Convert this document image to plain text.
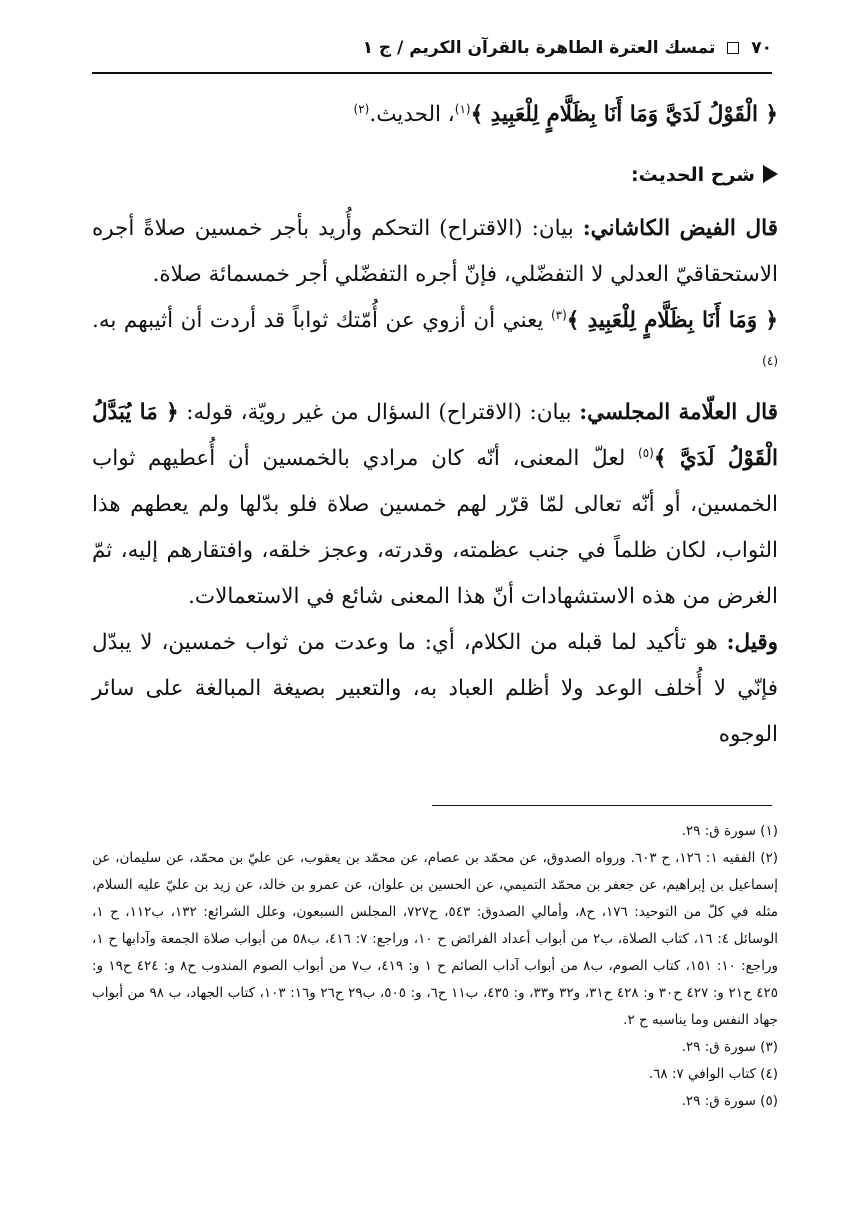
٧٠  تمسك العترة الطاهرة بالقرآن الكريم / ج ١

﴿ الْقَوْلُ لَدَيَّ وَمَا أَنَا بِظَلَّامٍ لِلْعَبِيدِ ﴾$^{(١)}$، الحديث.$^{(٢)}$

شرح الحديث:

قال الفيض الكاشاني: بيان: (الاقتراح) التحكم وأُريد بأجر خمسين صلاةً أجره الاستحقاقيّ العدلي لا التفضّلي، فإنّ أجره التفضّلي أجر خمسمائة صلاة.

﴿ وَمَا أَنَا بِظَلَّامٍ لِلْعَبِيدِ ﴾$^{(٣)}$ يعني أن أزوي عن أُمّتك ثواباً قد أردت أن أثيبهم به.$^{(٤)}$

قال العلّامة المجلسي: بيان: (الاقتراح) السؤال من غير رويّة، قوله: ﴿ مَا يُبَدَّلُ الْقَوْلُ لَدَيَّ ﴾$^{(٥)}$ لعلّ المعنى، أنّه كان مرادي بالخمسين أن أُعطيهم ثواب الخمسين، أو أنّه تعالى لمّا قرّر لهم خمسين صلاة فلو بدّلها ولم يعطهم هذا الثواب، لكان ظلماً في جنب عظمته، وقدرته، وعجز خلقه، وافتقارهم إليه، ثمّ الغرض من هذه الاستشهادات أنّ هذا المعنى شائع في الاستعمالات.

وقيل: هو تأكيد لما قبله من الكلام، أي: ما وعدت من ثواب خمسين، لا يبدّل فإنّي لا أُخلف الوعد ولا أظلم العباد به، والتعبير بصيغة المبالغة على سائر الوجوه

(١) سورة ق: ٢٩.

(٢) الفقيه ١: ١٢٦، ح ٦٠٣. ورواه الصدوق، عن محمّد بن عصام، عن محمّد بن يعقوب، عن عليّ بن محمّد، عن سليمان، عن إسماعيل بن إبراهيم، عن جعفر بن محمّد التميمي، عن الحسين بن علوان، عن عمرو بن خالد، عن زيد بن عليّ عليه السلام، مثله في كلّ من التوحيد: ١٧٦، ح٨، وأمالي الصدوق: ٥٤٣، ح٧٢٧، المجلس السبعون، وعلل الشرائع: ١٣٢، ب١١٢، ح ١، الوسائل ٤: ١٦، كتاب الصلاة، ب٢ من أبواب أعداد الفرائض ح ١٠، وراجع: ٧: ٤١٦، ب٥٨ من أبواب صلاة الجمعة وآدابها ح ١، وراجع: ١٠: ١٥١، كتاب الصوم، ب٨ من أبواب آداب الصائم ح ١ و: ٤١٩، ب٧ من أبواب الصوم المندوب ح٨ و: ٤٢٤ ح١٩ و: ٤٢٥ ح٢١ و: ٤٢٧ ح٣٠ و: ٤٢٨ ح٣١، و٣٢ و٣٣، و: ٤٣٥، ب١١ ح٦، و: ٥٠٥، ب٢٩ ح٢٦ و١٦: ١٠٣، كتاب الجهاد، ب ٩٨ من أبواب جهاد النفس وما يناسبه ح ٢.

(٣) سورة ق: ٢٩.

(٤) كتاب الوافي ٧: ٦٨.

(٥) سورة ق: ٢٩.
